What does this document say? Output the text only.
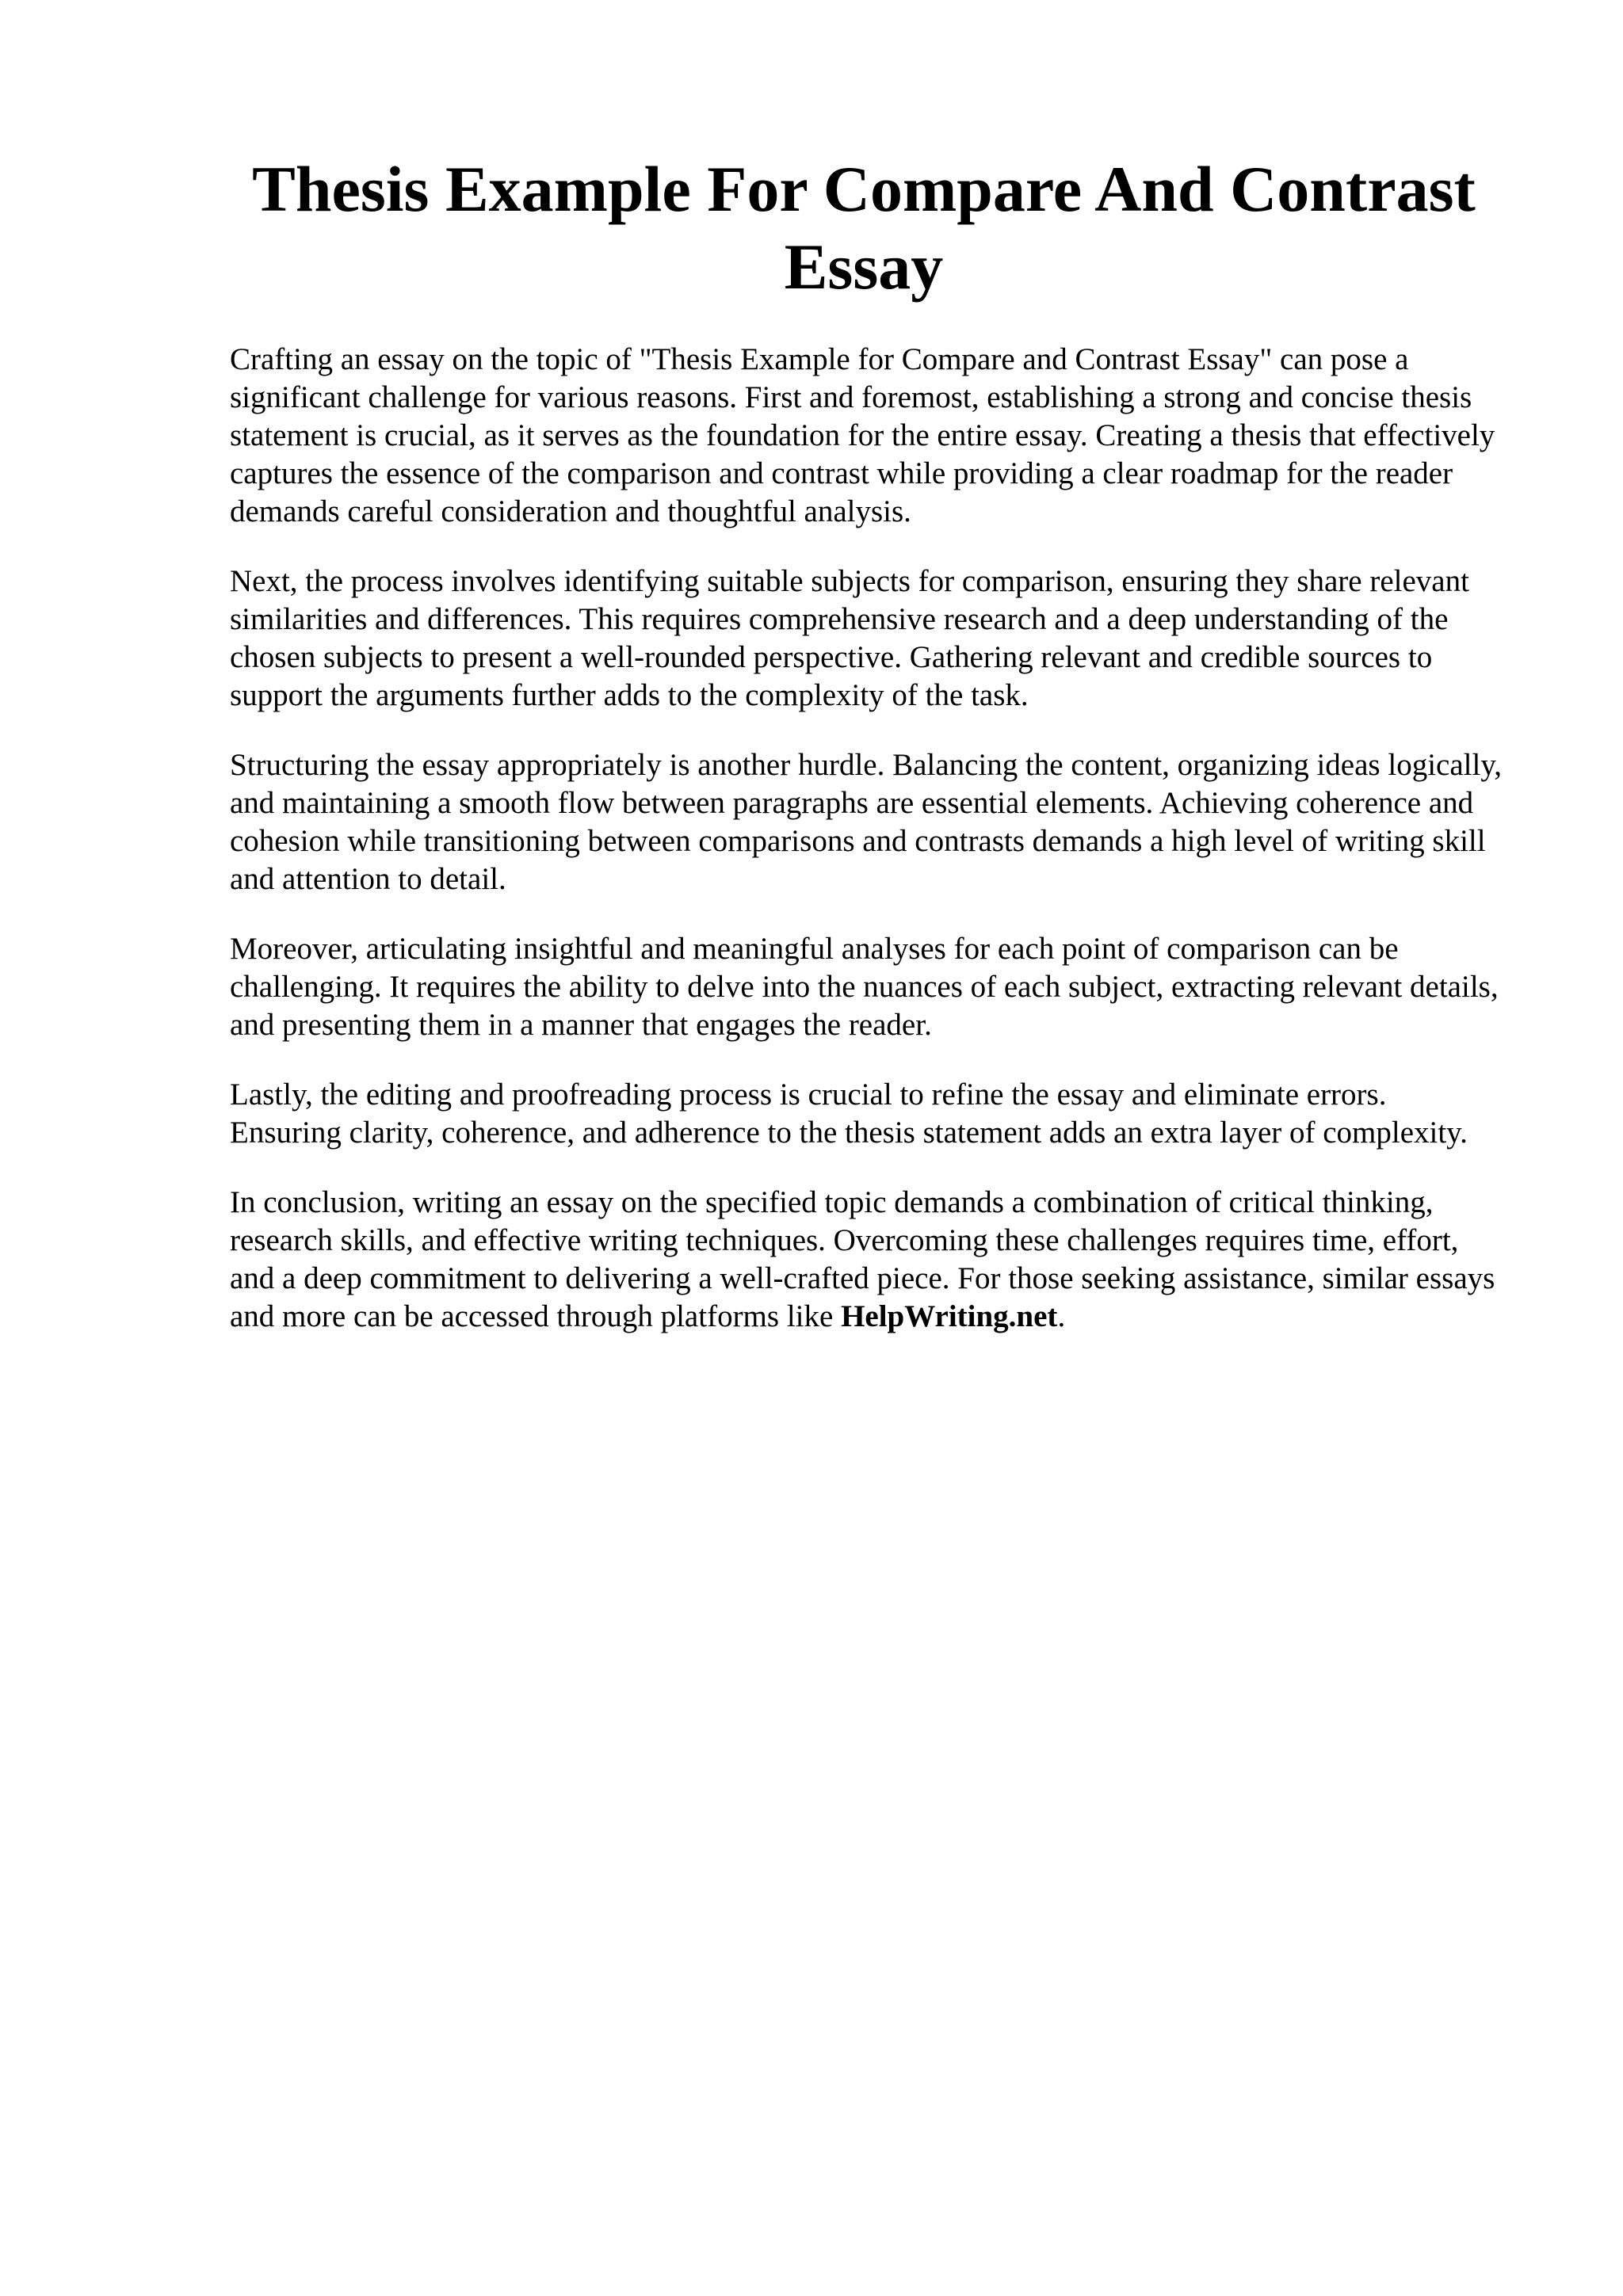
Thesis Example For Compare And Contrast Essay

Crafting an essay on the topic of "Thesis Example for Compare and Contrast Essay" can pose a significant challenge for various reasons. First and foremost, establishing a strong and concise thesis statement is crucial, as it serves as the foundation for the entire essay. Creating a thesis that effectively captures the essence of the comparison and contrast while providing a clear roadmap for the reader demands careful consideration and thoughtful analysis.

Next, the process involves identifying suitable subjects for comparison, ensuring they share relevant similarities and differences. This requires comprehensive research and a deep understanding of the chosen subjects to present a well-rounded perspective. Gathering relevant and credible sources to support the arguments further adds to the complexity of the task.

Structuring the essay appropriately is another hurdle. Balancing the content, organizing ideas logically, and maintaining a smooth flow between paragraphs are essential elements. Achieving coherence and cohesion while transitioning between comparisons and contrasts demands a high level of writing skill and attention to detail.

Moreover, articulating insightful and meaningful analyses for each point of comparison can be challenging. It requires the ability to delve into the nuances of each subject, extracting relevant details, and presenting them in a manner that engages the reader.

Lastly, the editing and proofreading process is crucial to refine the essay and eliminate errors. Ensuring clarity, coherence, and adherence to the thesis statement adds an extra layer of complexity.

In conclusion, writing an essay on the specified topic demands a combination of critical thinking, research skills, and effective writing techniques. Overcoming these challenges requires time, effort, and a deep commitment to delivering a well-crafted piece. For those seeking assistance, similar essays and more can be accessed through platforms like HelpWriting.net.
